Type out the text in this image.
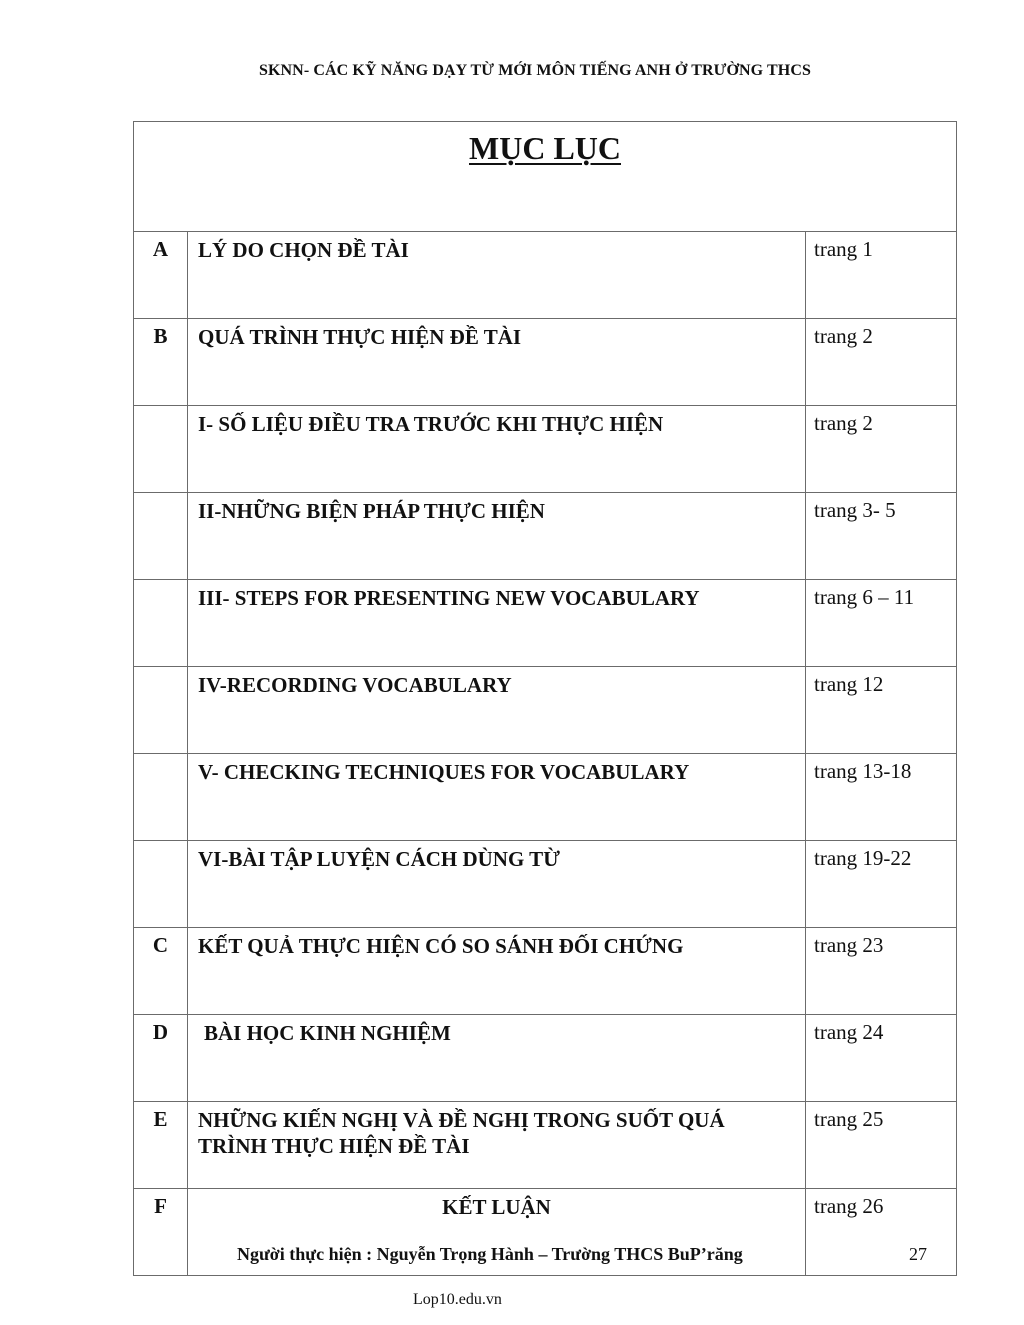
SKNN- CÁC KỸ NĂNG DẠY TỪ MỚI MÔN TIẾNG ANH Ở TRƯỜNG THCS
MỤC LỤC		
A	LÝ DO CHỌN ĐỀ TÀI	trang 1
B	QUÁ TRÌNH THỰC HIỆN ĐỀ TÀI	trang 2
	I- SỐ LIỆU ĐIỀU TRA TRƯỚC KHI THỰC HIỆN	trang 2
	II-NHỮNG BIỆN PHÁP THỰC HIỆN	trang 3- 5
	III- STEPS FOR PRESENTING NEW VOCABULARY	trang 6 – 11
	IV-RECORDING VOCABULARY	trang 12
	V- CHECKING TECHNIQUES FOR VOCABULARY	trang 13-18
	VI-BÀI TẬP LUYỆN CÁCH DÙNG TỪ	trang 19-22
C	KẾT QUẢ THỰC HIỆN CÓ SO SÁNH ĐỐI CHỨNG	trang 23
D	BÀI HỌC KINH NGHIỆM	trang 24
E	NHỮNG KIẾN NGHỊ VÀ ĐỀ NGHỊ TRONG SUỐT QUÁ TRÌNH THỰC HIỆN ĐỀ TÀI	trang 25
F	KẾT LUẬN	trang 26
Người thực hiện : Nguyễn Trọng Hành – Trường THCS BuP’răng	27
Lop10.edu.vn
